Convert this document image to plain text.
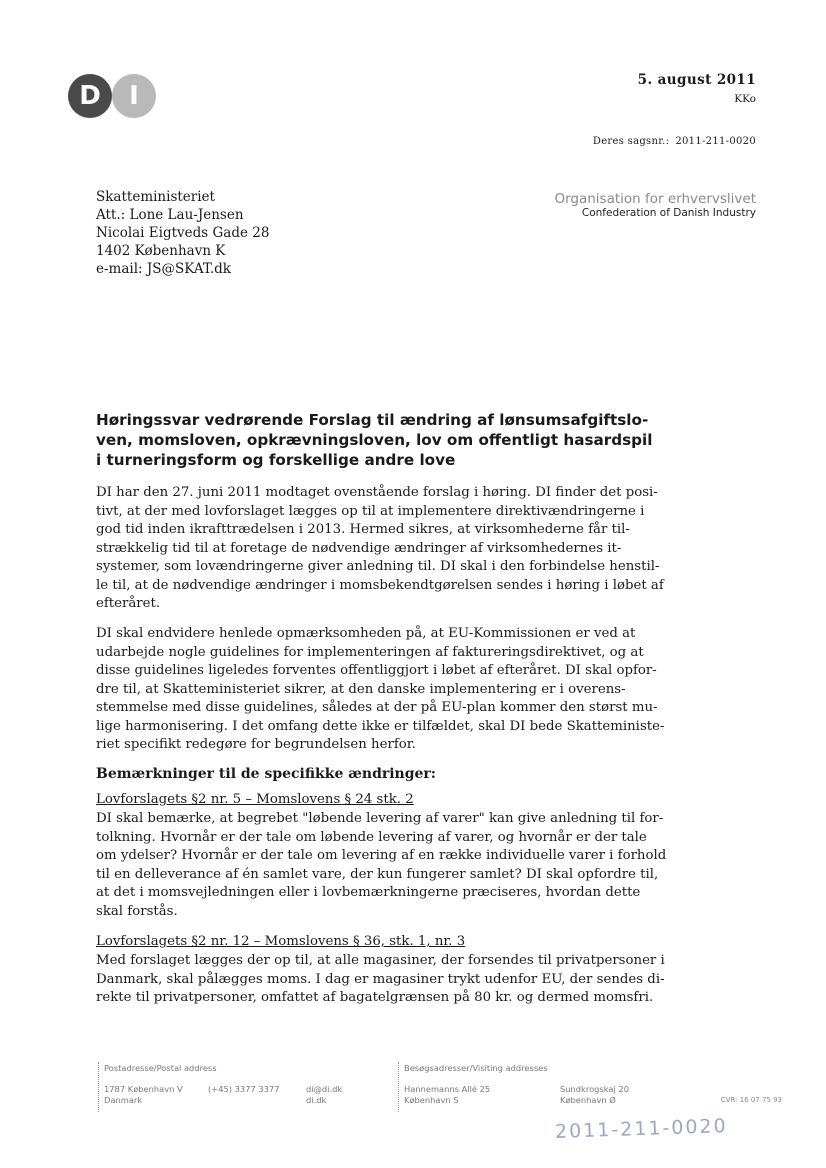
D	I
5. august 2011
KKo
Deres sagsnr.: 2011-211-0020
Organisation for erhvervslivet
Confederation of Danish Industry
Skatteministeriet
Att.: Lone Lau-Jensen
Nicolai Eigtveds Gade 28
1402 København K
e-mail: JS@SKAT.dk
Høringssvar vedrørende Forslag til ændring af lønsumsafgiftslo-
ven, momsloven, opkrævningsloven, lov om offentligt hasardspil
i turneringsform og forskellige andre love
DI har den 27. juni 2011 modtaget ovenstående forslag i høring. DI finder det posi-
tivt, at der med lovforslaget lægges op til at implementere direktivændringerne i
god tid inden ikrafttrædelsen i 2013. Hermed sikres, at virksomhederne får til-
strækkelig tid til at foretage de nødvendige ændringer af virksomhedernes it-
systemer, som lovændringerne giver anledning til. DI skal i den forbindelse henstil-
le til, at de nødvendige ændringer i momsbekendtgørelsen sendes i høring i løbet af
efteråret.
DI skal endvidere henlede opmærksomheden på, at EU-Kommissionen er ved at
udarbejde nogle guidelines for implementeringen af faktureringsdirektivet, og at
disse guidelines ligeledes forventes offentliggjort i løbet af efteråret. DI skal opfor-
dre til, at Skatteministeriet sikrer, at den danske implementering er i overens-
stemmelse med disse guidelines, således at der på EU-plan kommer den størst mu-
lige harmonisering. I det omfang dette ikke er tilfældet, skal DI bede Skatteministe-
riet specifikt redegøre for begrundelsen herfor.
Bemærkninger til de specifikke ændringer:
Lovforslagets §2 nr. 5 – Momslovens § 24 stk. 2
DI skal bemærke, at begrebet "løbende levering af varer" kan give anledning til for-
tolkning. Hvornår er der tale om løbende levering af varer, og hvornår er der tale
om ydelser? Hvornår er der tale om levering af en række individuelle varer i forhold
til en delleverance af én samlet vare, der kun fungerer samlet? DI skal opfordre til,
at det i momsvejledningen eller i lovbemærkningerne præciseres, hvordan dette
skal forstås.
Lovforslagets §2 nr. 12 – Momslovens § 36, stk. 1, nr. 3
Med forslaget lægges der op til, at alle magasiner, der forsendes til privatpersoner i
Danmark, skal pålægges moms. I dag er magasiner trykt udenfor EU, der sendes di-
rekte til privatpersoner, omfattet af bagatelgrænsen på 80 kr. og dermed momsfri.
Postadresse/Postal address
1787 København V
Danmark
(+45) 3377 3377	di@di.dk
di.dk
Besøgsadresser/Visiting addresses
Hannemanns Allé 25
København S
Sundkrogskaj 20
København Ø	CVR: 16 07 75 93
2011-211-0020
